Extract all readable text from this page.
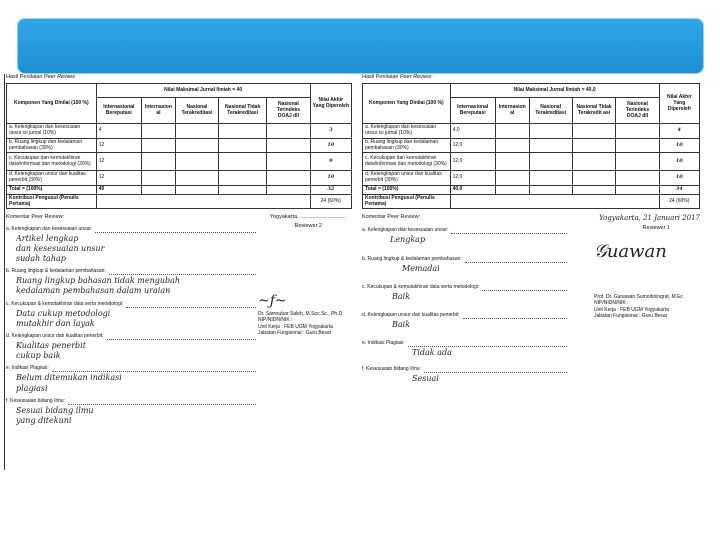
Hasil Penilaian Peer Review
Komponen Yang Dinilai (100 %)	Nilai Maksimal Jurnal Ilmiah = 40					Nilai Akhir Yang Diperoleh
	Internasional Bereputasi	Internasion al	Nasional Terakreditasi	Nasional Tidak Terakreditasi	Nasional Terindeks DOAJ dll	
a. Kelengkapan dan kesesuaian unsur isi jurnal (10%)	4					3
b. Ruang lingkup dan kedalaman pembahasan (30%)	12					10
c. Kecukupan dan kemutakhiran data/informasi dan metodologi (30%)	12					9
d. Kelengkapan unsur dan kualitas penerbit (30%)	12					10
Total = (100%)	40					32
Kontribusi Pengusul (Penulis Pertama)						24 (60%)
Komentar Peer Review:	Yogyakarta, ..............................
Reviewer 2
a. Kelengkapan dan kesesuaian unsur:
Artikel lengkap
dan kesesuaian unsur
sudah tahap
b. Ruang lingkup & kedalaman pembahasan:
Ruang lingkup bahasan tidak mengubah
kedalaman pembahasan dalam uraian
c. Kecukupan & kemutakhiran data serta metodologi:
Data cukup metodologi
mutakhir dan layak
d. Kelengkapan unsur dan kualitas penerbit:
Kualitas penerbit
cukup baik
e. Indikasi Plagiasi:
Belum ditemukan indikasi
plagiasi
f. Kesesuaian bidang Ilmu:
Sesuai bidang ilmu
yang ditekuni
~ƒ~
Dr. Samsubar Saleh, M.Soc.Sc., Ph.D
NIP/NIDN/NIK :
Unit Kerja : FEB UGM Yogyakarta
Jabatan Fungsional : Guru Besar
Hasil Penilaian Peer Review:
Komponen Yang Dinilai (100 %)	Nilai Maksimal Jurnal Ilmiah = 40,0					Nilai Akhir Yang Diperoleh
	Internasional Bereputasi	Internasion al	Nasional Terakreditasi	Nasional Tidak Terakredit asi	Nasional Terindeks DOAJ dll	
a. Kelengkapan dan kesesuaian unsur isi jurnal (10%)	4,0					4
b. Ruang lingkup dan kedalaman pembahasan (30%)	12,0					10
c. Kecukupan dan kemutakhiran data/informasi dan metodologi (30%)	12,0					10
d. Kelengkapan unsur dan kualitas penerbit (30%)	12,0					10
Total = (100%)	40,0					34
Kontribusi Pengusul (Penulis Pertama)						24 (60%)
Komentar Peer Review:	Yogyakarta, 21 Januari 2017
Reviewer 1
a. Kelengkapan dan kesesuaian unsur:
Lengkap
b. Ruang lingkup & kedalaman pembahasan:
Memadai
c. Kecukupan & kemutakhiran data serta metodologi:
Baik
d. Kelengkapan unsur dan kualitas penerbit:
Baik
e. Indikasi Plagiasi:
Tidak ada
f. Kesesuaian bidang Ilmu:
Sesuai
𝒢uawan
Prof. Dr. Gunawan Sumodiningrat, M.Ec
NIP/NIDN/NIK :
Unit Kerja : FEB UGM Yogyakarta
Jabatan Fungsional : Guru Besar
